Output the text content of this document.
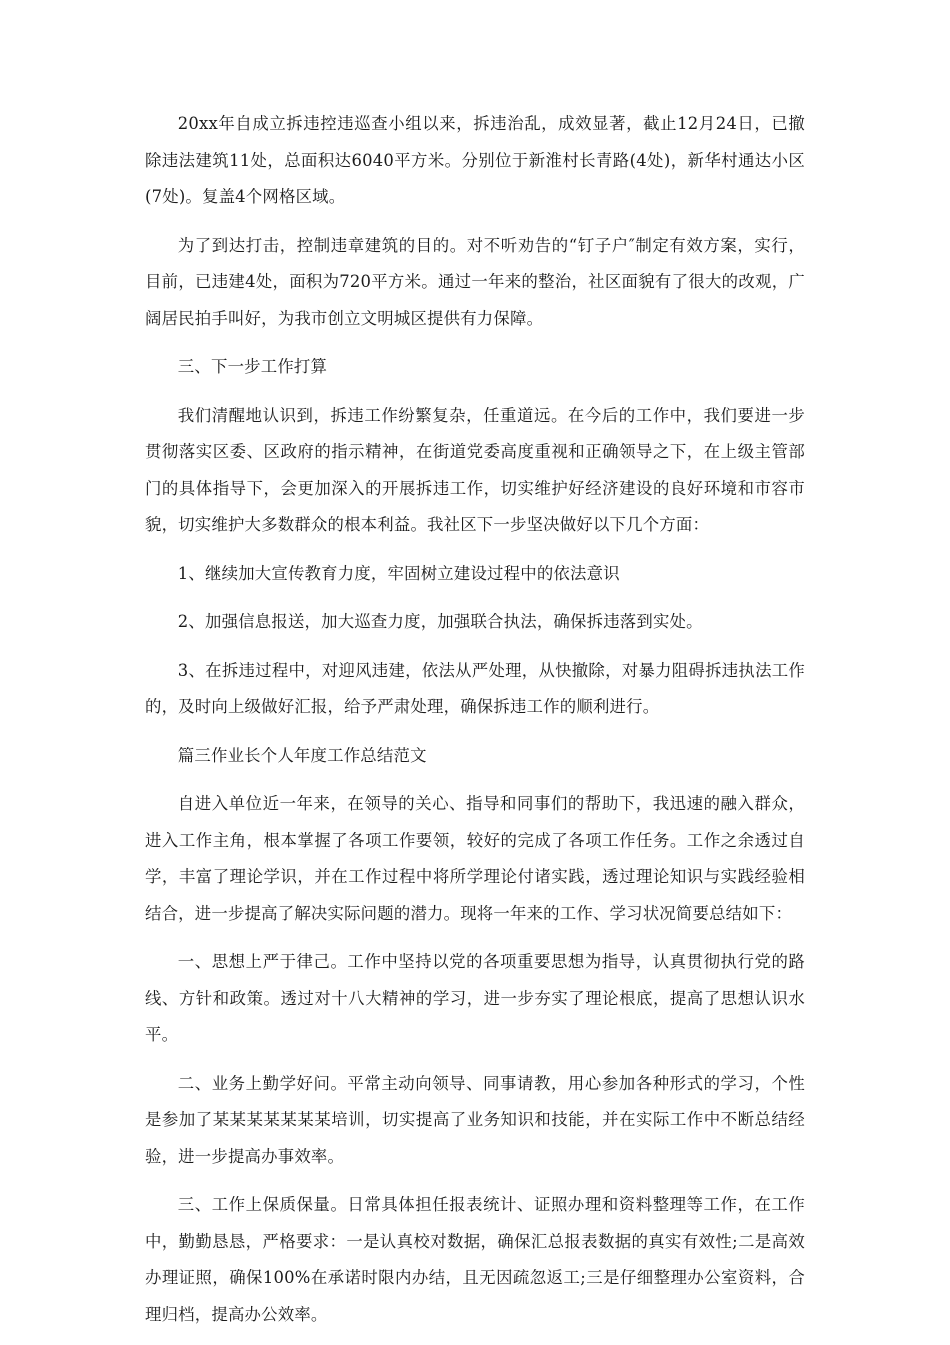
20xx年自成立拆违控违巡查小组以来，拆违治乱，成效显著，截止12月24日，已撤除违法建筑11处，总面积达6040平方米。分别位于新淮村长青路(4处)，新华村通达小区(7处)。复盖4个网格区域。

为了到达打击，控制违章建筑的目的。对不听劝告的“钉子户″制定有效方案，实行，目前，已违建4处，面积为720平方米。通过一年来的整治，社区面貌有了很大的改观，广阔居民拍手叫好，为我市创立文明城区提供有力保障。

三、下一步工作打算

我们清醒地认识到，拆违工作纷繁复杂，任重道远。在今后的工作中，我们要进一步贯彻落实区委、区政府的指示精神，在街道党委高度重视和正确领导之下，在上级主管部门的具体指导下，会更加深入的开展拆违工作，切实维护好经济建设的良好环境和市容市貌，切实维护大多数群众的根本利益。我社区下一步坚决做好以下几个方面：

1、继续加大宣传教育力度，牢固树立建设过程中的依法意识

2、加强信息报送，加大巡查力度，加强联合执法，确保拆违落到实处。

3、在拆违过程中，对迎风违建，依法从严处理，从快撤除，对暴力阻碍拆违执法工作的，及时向上级做好汇报，给予严肃处理，确保拆违工作的顺利进行。

篇三作业长个人年度工作总结范文

自进入单位近一年来，在领导的关心、指导和同事们的帮助下，我迅速的融入群众，进入工作主角，根本掌握了各项工作要领，较好的完成了各项工作任务。工作之余透过自学，丰富了理论学识，并在工作过程中将所学理论付诸实践，透过理论知识与实践经验相结合，进一步提高了解决实际问题的潜力。现将一年来的工作、学习状况简要总结如下：

一、思想上严于律己。工作中坚持以党的各项重要思想为指导，认真贯彻执行党的路线、方针和政策。透过对十八大精神的学习，进一步夯实了理论根底，提高了思想认识水平。

二、业务上勤学好问。平常主动向领导、同事请教，用心参加各种形式的学习，个性是参加了某某某某某某某培训，切实提高了业务知识和技能，并在实际工作中不断总结经验，进一步提高办事效率。

三、工作上保质保量。日常具体担任报表统计、证照办理和资料整理等工作，在工作中，勤勤恳恳，严格要求：一是认真校对数据，确保汇总报表数据的真实有效性;二是高效办理证照，确保100%在承诺时限内办结，且无因疏忽返工;三是仔细整理办公室资料，合理归档，提高办公效率。
